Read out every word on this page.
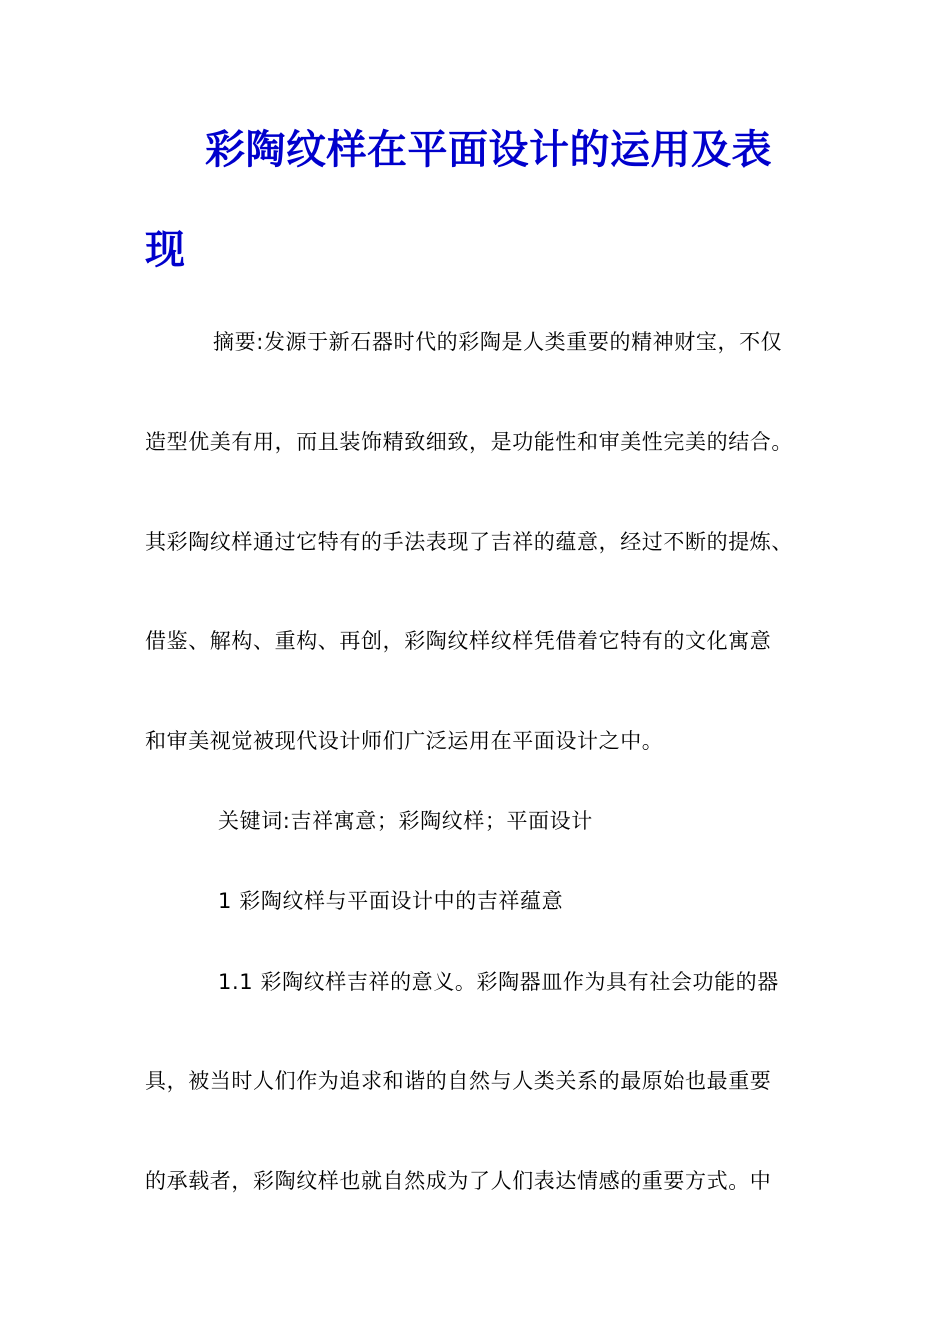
彩陶纹样在平面设计的运用及表
现
摘要:发源于新石器时代的彩陶是人类重要的精神财宝，不仅
造型优美有用，而且装饰精致细致，是功能性和审美性完美的结合。
其彩陶纹样通过它特有的手法表现了吉祥的蕴意，经过不断的提炼、
借鉴、解构、重构、再创，彩陶纹样纹样凭借着它特有的文化寓意
和审美视觉被现代设计师们广泛运用在平面设计之中。
关键词:吉祥寓意；彩陶纹样；平面设计
1 彩陶纹样与平面设计中的吉祥蕴意
1.1 彩陶纹样吉祥的意义。彩陶器皿作为具有社会功能的器
具，被当时人们作为追求和谐的自然与人类关系的最原始也最重要
的承载者，彩陶纹样也就自然成为了人们表达情感的重要方式。中
